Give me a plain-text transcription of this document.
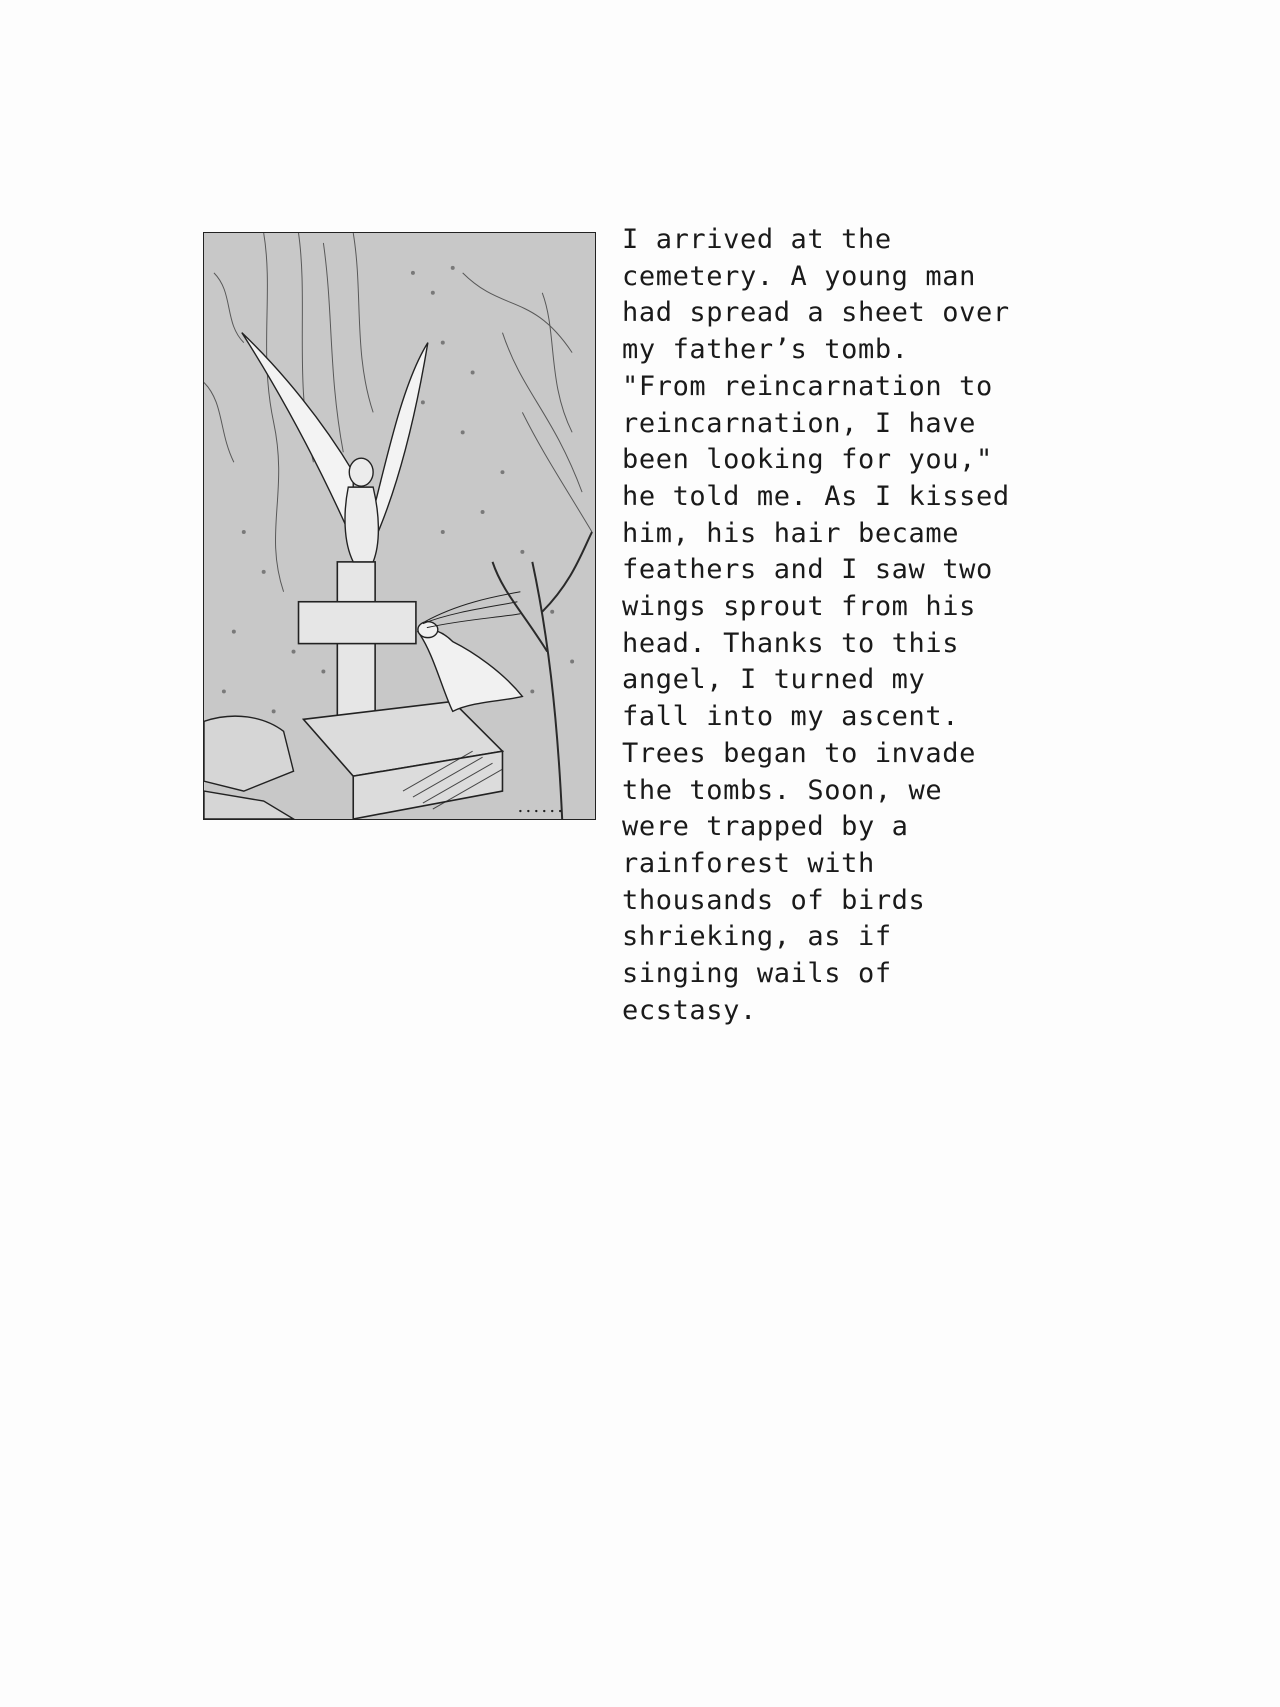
I arrived at the
cemetery. A young man
had spread a sheet over
my father’s tomb.
"From reincarnation to
reincarnation, I have
been looking for you,"
he told me. As I kissed
him, his hair became
feathers and I saw two
wings sprout from his
head. Thanks to this
angel, I turned my
fall into my ascent.
Trees began to invade
the tombs. Soon, we
were trapped by a
rainforest with
thousands of birds
shrieking, as if
singing wails of
ecstasy.
